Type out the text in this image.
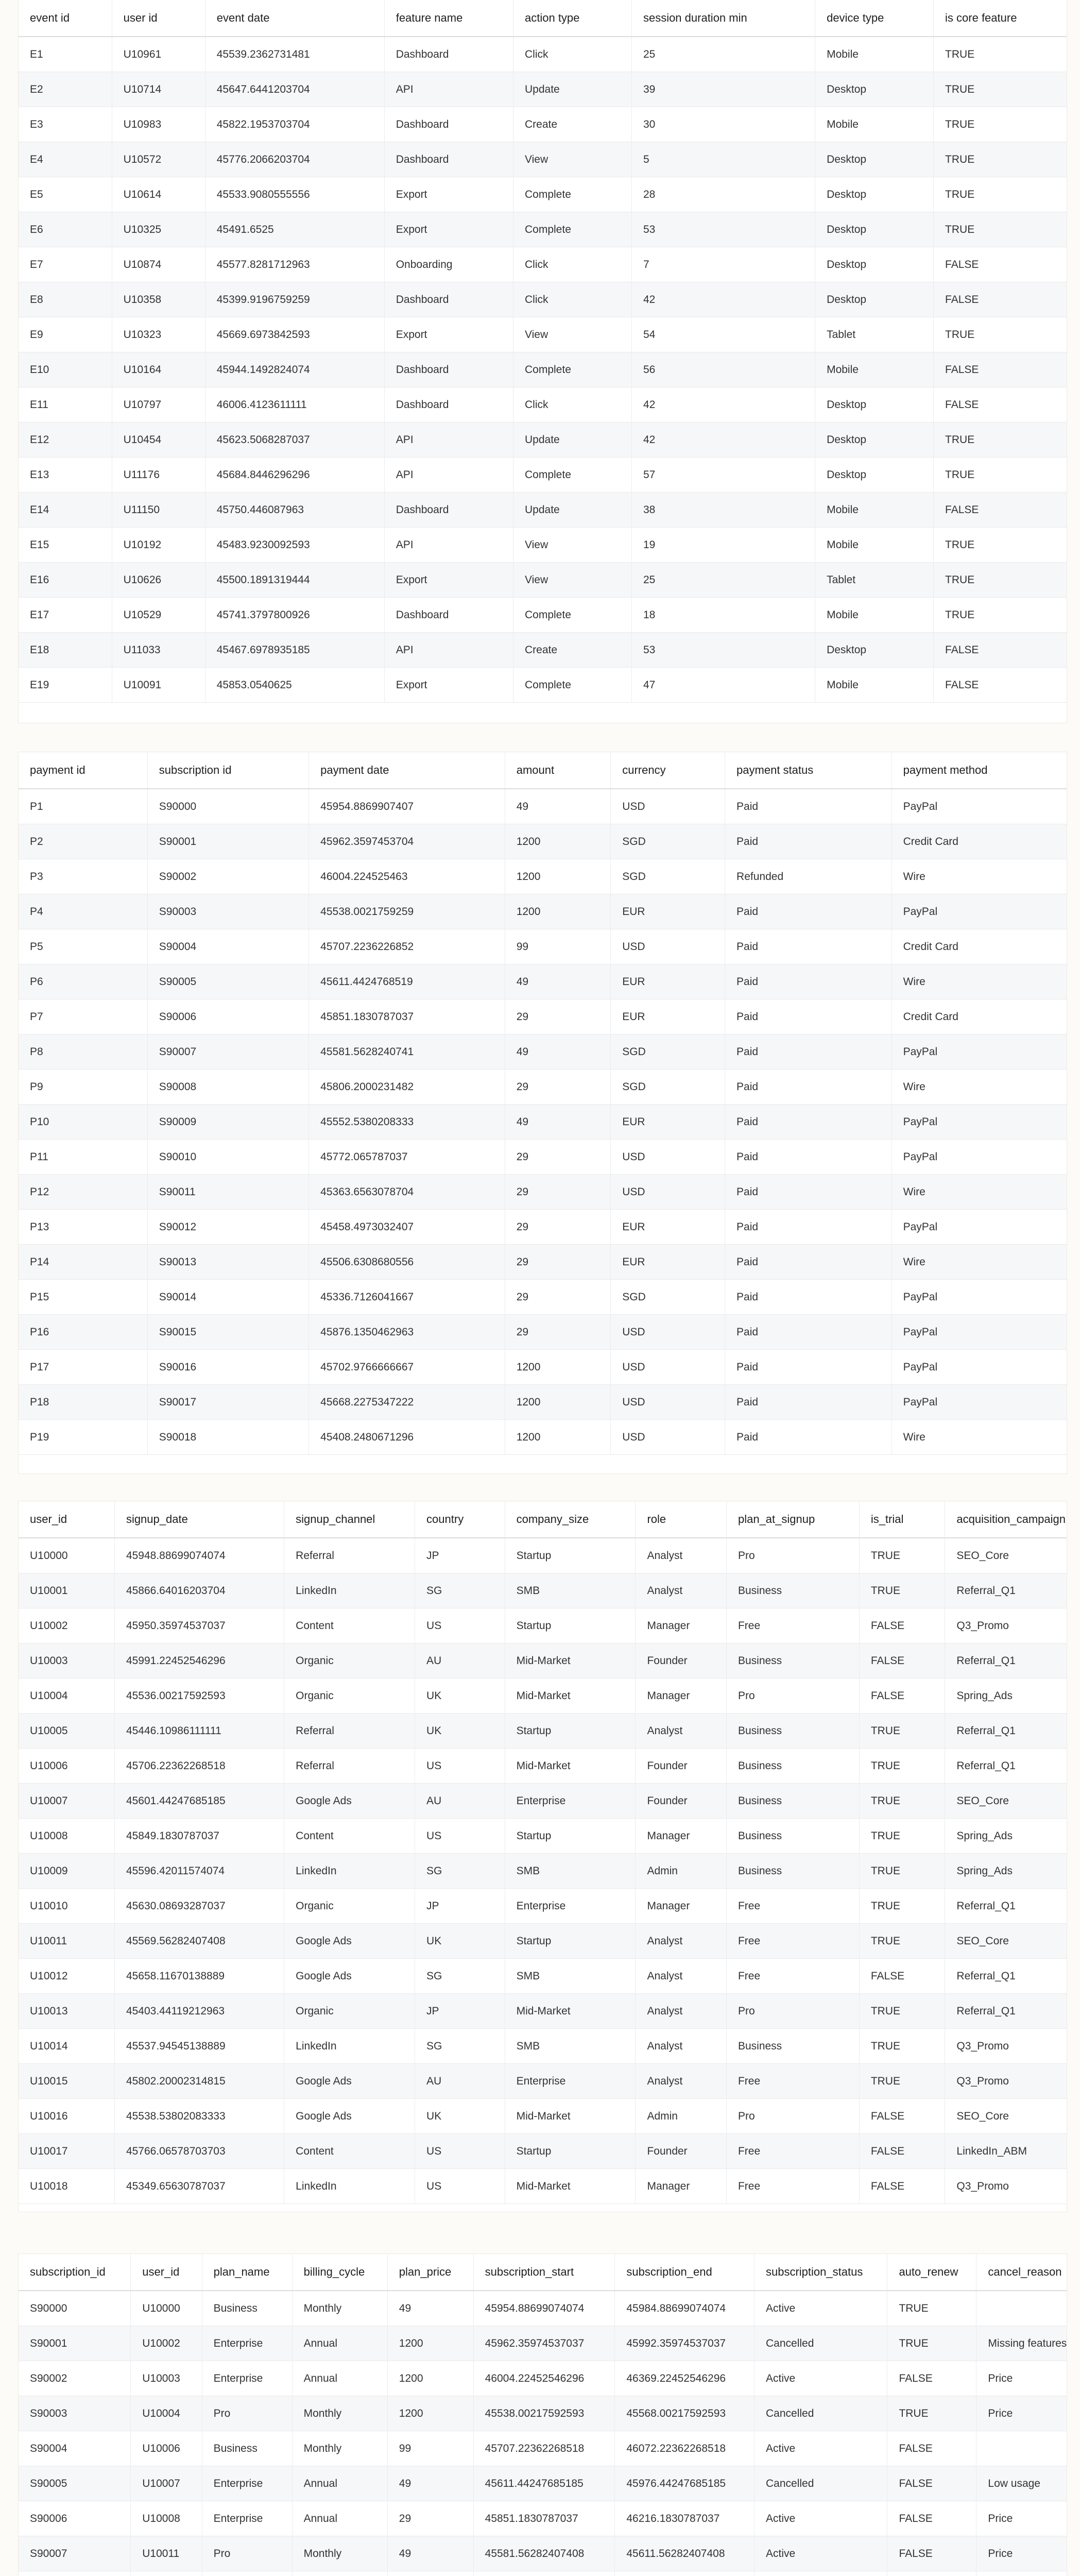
event id	user id	event date	feature name	action type	session duration min	device type	is core feature
E1	U10961	45539.2362731481	Dashboard	Click	25	Mobile	TRUE
E2	U10714	45647.6441203704	API	Update	39	Desktop	TRUE
E3	U10983	45822.1953703704	Dashboard	Create	30	Mobile	TRUE
E4	U10572	45776.2066203704	Dashboard	View	5	Desktop	TRUE
E5	U10614	45533.9080555556	Export	Complete	28	Desktop	TRUE
E6	U10325	45491.6525	Export	Complete	53	Desktop	TRUE
E7	U10874	45577.8281712963	Onboarding	Click	7	Desktop	FALSE
E8	U10358	45399.9196759259	Dashboard	Click	42	Desktop	FALSE
E9	U10323	45669.6973842593	Export	View	54	Tablet	TRUE
E10	U10164	45944.1492824074	Dashboard	Complete	56	Mobile	FALSE
E11	U10797	46006.4123611111	Dashboard	Click	42	Desktop	FALSE
E12	U10454	45623.5068287037	API	Update	42	Desktop	TRUE
E13	U11176	45684.8446296296	API	Complete	57	Desktop	TRUE
E14	U11150	45750.446087963	Dashboard	Update	38	Mobile	FALSE
E15	U10192	45483.9230092593	API	View	19	Mobile	TRUE
E16	U10626	45500.1891319444	Export	View	25	Tablet	TRUE
E17	U10529	45741.3797800926	Dashboard	Complete	18	Mobile	TRUE
E18	U11033	45467.6978935185	API	Create	53	Desktop	FALSE
E19	U10091	45853.0540625	Export	Complete	47	Mobile	FALSE
payment id	subscription id	payment date	amount	currency	payment status	payment method
P1	S90000	45954.8869907407	49	USD	Paid	PayPal
P2	S90001	45962.3597453704	1200	SGD	Paid	Credit Card
P3	S90002	46004.224525463	1200	SGD	Refunded	Wire
P4	S90003	45538.0021759259	1200	EUR	Paid	PayPal
P5	S90004	45707.2236226852	99	USD	Paid	Credit Card
P6	S90005	45611.4424768519	49	EUR	Paid	Wire
P7	S90006	45851.1830787037	29	EUR	Paid	Credit Card
P8	S90007	45581.5628240741	49	SGD	Paid	PayPal
P9	S90008	45806.2000231482	29	SGD	Paid	Wire
P10	S90009	45552.5380208333	49	EUR	Paid	PayPal
P11	S90010	45772.065787037	29	USD	Paid	PayPal
P12	S90011	45363.6563078704	29	USD	Paid	Wire
P13	S90012	45458.4973032407	29	EUR	Paid	PayPal
P14	S90013	45506.6308680556	29	EUR	Paid	Wire
P15	S90014	45336.7126041667	29	SGD	Paid	PayPal
P16	S90015	45876.1350462963	29	USD	Paid	PayPal
P17	S90016	45702.9766666667	1200	USD	Paid	PayPal
P18	S90017	45668.2275347222	1200	USD	Paid	PayPal
P19	S90018	45408.2480671296	1200	USD	Paid	Wire
user_id	signup_date	signup_channel	country	company_size	role	plan_at_signup	is_trial	acquisition_campaign
U10000	45948.88699074074	Referral	JP	Startup	Analyst	Pro	TRUE	SEO_Core
U10001	45866.64016203704	LinkedIn	SG	SMB	Analyst	Business	TRUE	Referral_Q1
U10002	45950.35974537037	Content	US	Startup	Manager	Free	FALSE	Q3_Promo
U10003	45991.22452546296	Organic	AU	Mid-Market	Founder	Business	FALSE	Referral_Q1
U10004	45536.00217592593	Organic	UK	Mid-Market	Manager	Pro	FALSE	Spring_Ads
U10005	45446.10986111111	Referral	UK	Startup	Analyst	Business	TRUE	Referral_Q1
U10006	45706.22362268518	Referral	US	Mid-Market	Founder	Business	TRUE	Referral_Q1
U10007	45601.44247685185	Google Ads	AU	Enterprise	Founder	Business	TRUE	SEO_Core
U10008	45849.1830787037	Content	US	Startup	Manager	Business	TRUE	Spring_Ads
U10009	45596.42011574074	LinkedIn	SG	SMB	Admin	Business	TRUE	Spring_Ads
U10010	45630.08693287037	Organic	JP	Enterprise	Manager	Free	TRUE	Referral_Q1
U10011	45569.56282407408	Google Ads	UK	Startup	Analyst	Free	TRUE	SEO_Core
U10012	45658.11670138889	Google Ads	SG	SMB	Analyst	Free	FALSE	Referral_Q1
U10013	45403.44119212963	Organic	JP	Mid-Market	Analyst	Pro	TRUE	Referral_Q1
U10014	45537.94545138889	LinkedIn	SG	SMB	Analyst	Business	TRUE	Q3_Promo
U10015	45802.20002314815	Google Ads	AU	Enterprise	Analyst	Free	TRUE	Q3_Promo
U10016	45538.53802083333	Google Ads	UK	Mid-Market	Admin	Pro	FALSE	SEO_Core
U10017	45766.06578703703	Content	US	Startup	Founder	Free	FALSE	LinkedIn_ABM
U10018	45349.65630787037	LinkedIn	US	Mid-Market	Manager	Free	FALSE	Q3_Promo
subscription_id	user_id	plan_name	billing_cycle	plan_price	subscription_start	subscription_end	subscription_status	auto_renew	cancel_reason
S90000	U10000	Business	Monthly	49	45954.88699074074	45984.88699074074	Active	TRUE	
S90001	U10002	Enterprise	Annual	1200	45962.35974537037	45992.35974537037	Cancelled	TRUE	Missing features
S90002	U10003	Enterprise	Annual	1200	46004.22452546296	46369.22452546296	Active	FALSE	Price
S90003	U10004	Pro	Monthly	1200	45538.00217592593	45568.00217592593	Cancelled	TRUE	Price
S90004	U10006	Business	Monthly	99	45707.22362268518	46072.22362268518	Active	FALSE	
S90005	U10007	Enterprise	Annual	49	45611.44247685185	45976.44247685185	Cancelled	FALSE	Low usage
S90006	U10008	Enterprise	Annual	29	45851.1830787037	46216.1830787037	Active	FALSE	Price
S90007	U10011	Pro	Monthly	49	45581.56282407408	45611.56282407408	Active	FALSE	Price
